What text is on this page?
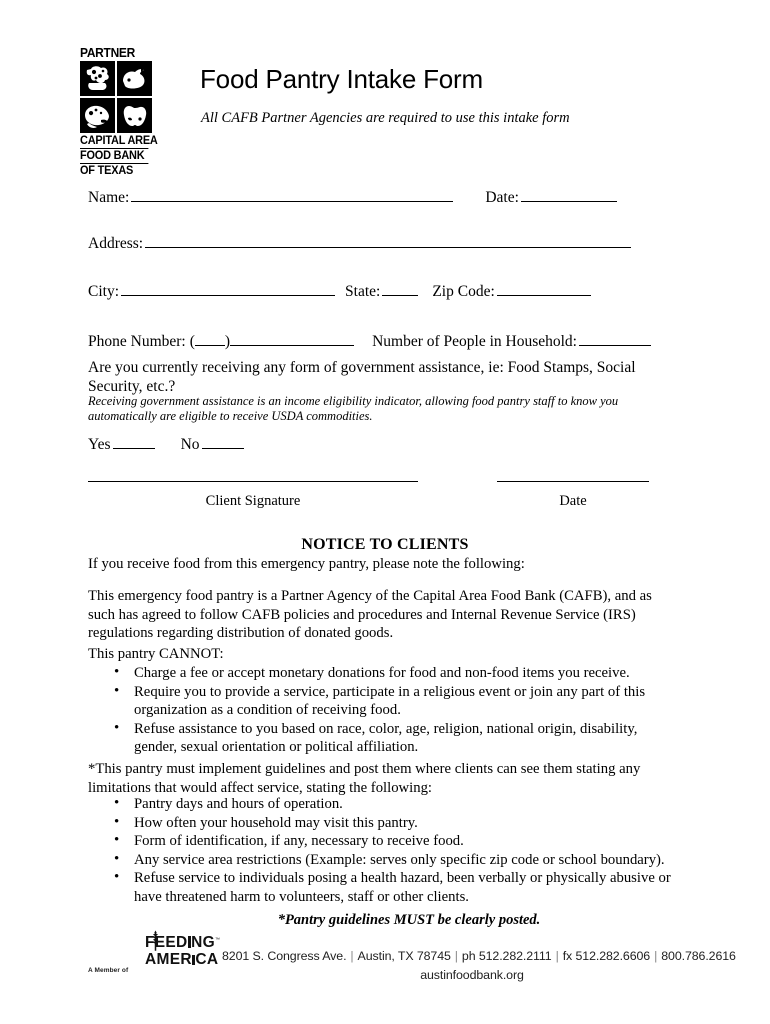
PARTNER
CAPITAL AREA
FOOD BANK
OF TEXAS
Food Pantry Intake Form
All CAFB Partner Agencies are required to use this intake form
Name:	Date:
Address:
City:	State:	Zip Code:
Phone Number: ( )	Number of People in Household:
Are you currently receiving any form of government assistance, ie: Food Stamps, Social Security, etc.?
Receiving government assistance is an income eligibility indicator, allowing food pantry staff to know you automatically are eligible to receive USDA commodities.
Yes	No
Client Signature	Date
NOTICE TO CLIENTS
If you receive food from this emergency pantry, please note the following:
This emergency food pantry is a Partner Agency of the Capital Area Food Bank (CAFB), and as such has agreed to follow CAFB policies and procedures and Internal Revenue Service (IRS) regulations regarding distribution of donated goods.
This pantry CANNOT:
• Charge a fee or accept monetary donations for food and non-food items you receive.
• Require you to provide a service, participate in a religious event or join any part of this organization as a condition of receiving food.
• Refuse assistance to you based on race, color, age, religion, national origin, disability, gender, sexual orientation or political affiliation.
*This pantry must implement guidelines and post them where clients can see them stating any limitations that would affect service, stating the following:
• Pantry days and hours of operation.
• How often your household may visit this pantry.
• Form of identification, if any, necessary to receive food.
• Any service area restrictions (Example: serves only specific zip code or school boundary).
• Refuse service to individuals posing a health hazard, been verbally or physically abusive or have threatened harm to volunteers, staff or other clients.
*Pantry guidelines MUST be clearly posted.
A Member of
FEED NG™
AMER CA 8201 S. Congress Ave. | Austin, TX 78745 | ph 512.282.2111 | fx 512.282.6606 | 800.786.2616
austinfoodbank.org
